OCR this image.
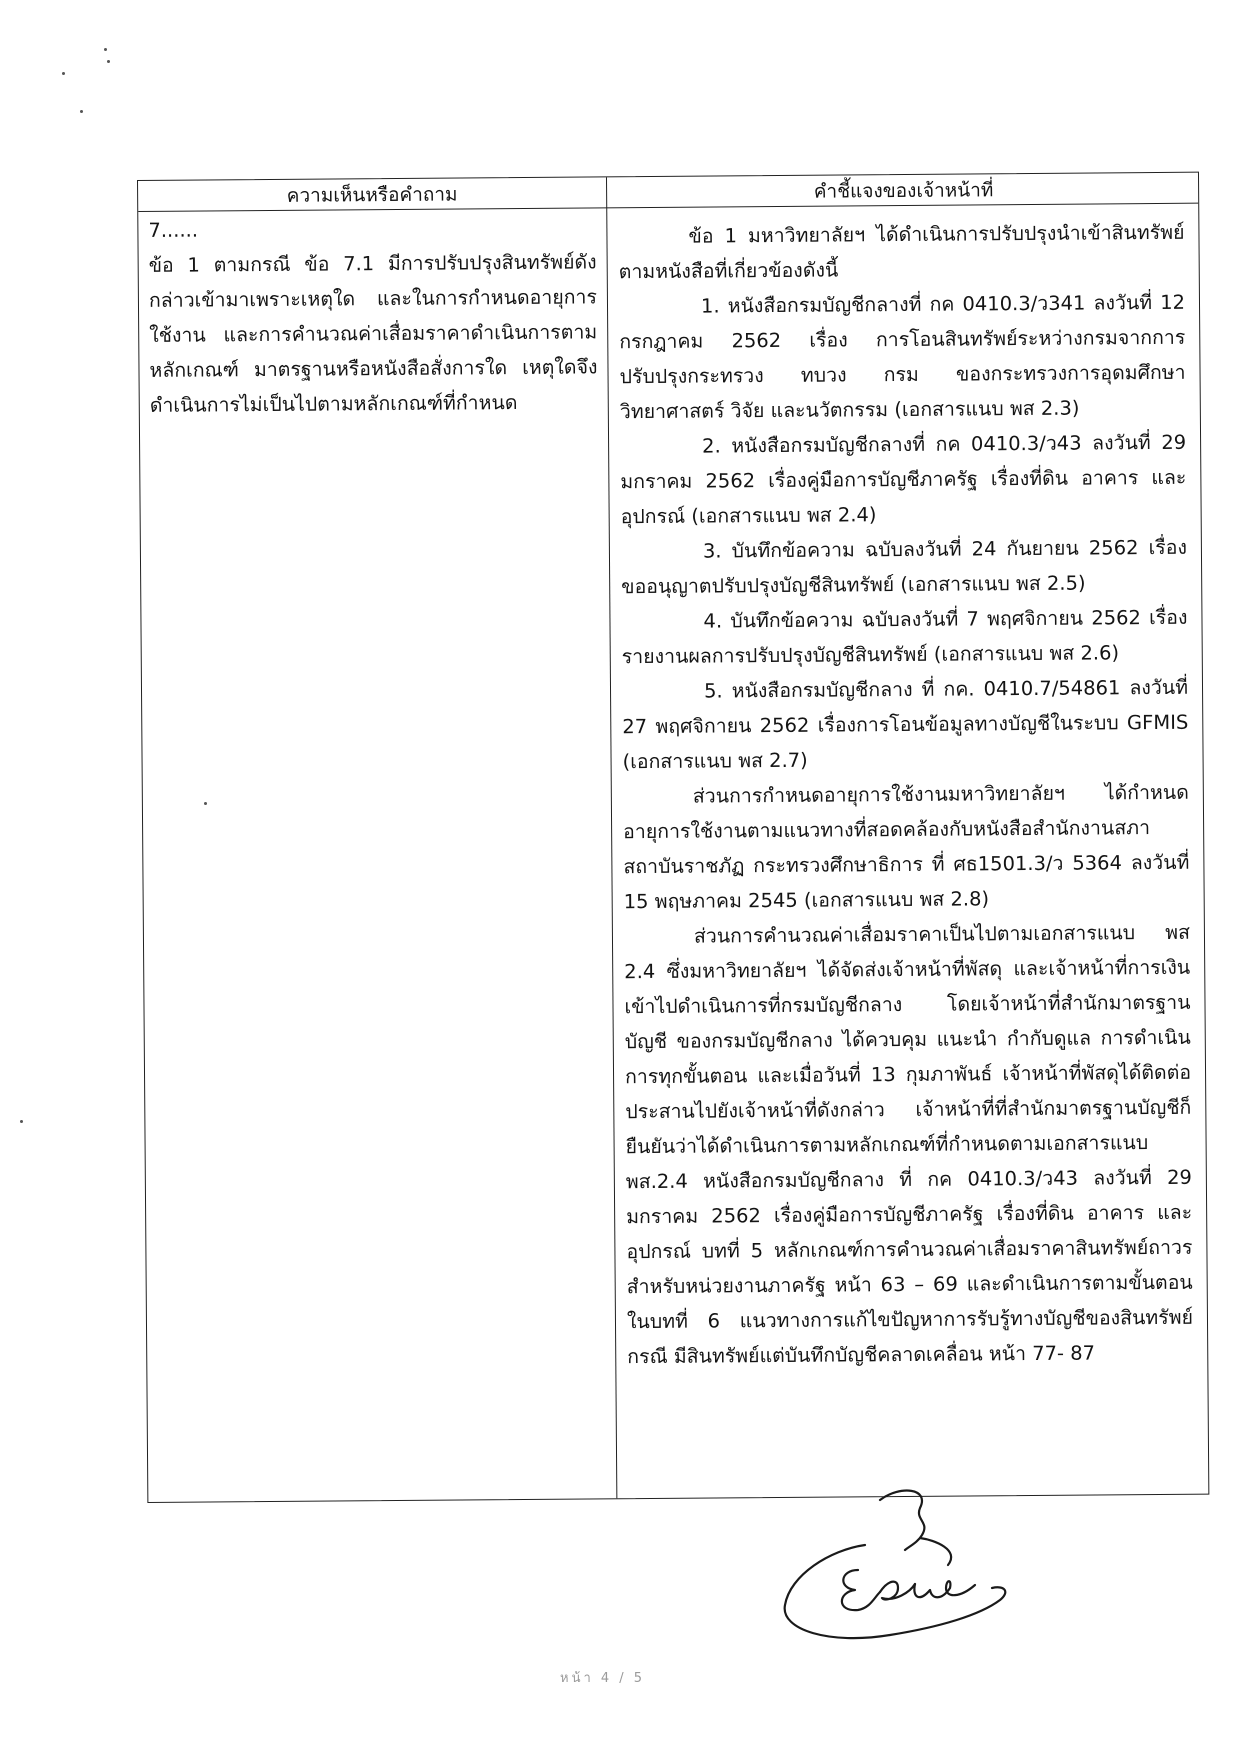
ความเห็นหรือคำถาม	คำชี้แจงของเจ้าหน้าที่

7......

ข้อ 1 ตามกรณี ข้อ 7.1 มีการปรับปรุงสินทรัพย์ดังกล่าวเข้ามาเพราะเหตุใด และในการกำหนดอายุการใช้งาน และการคำนวณค่าเสื่อมราคาดำเนินการตามหลักเกณฑ์ มาตรฐานหรือหนังสือสั่งการใด เหตุใดจึงดำเนินการไม่เป็นไปตามหลักเกณฑ์ที่กำหนด

ข้อ 1 มหาวิทยาลัยฯ ได้ดำเนินการปรับปรุงนำเข้าสินทรัพย์ตามหนังสือที่เกี่ยวข้องดังนี้

1. หนังสือกรมบัญชีกลางที่ กค 0410.3/ว341 ลงวันที่ 12 กรกฎาคม 2562 เรื่อง การโอนสินทรัพย์ระหว่างกรมจากการปรับปรุงกระทรวง ทบวง กรม ของกระทรวงการอุดมศึกษาวิทยาศาสตร์ วิจัย และนวัตกรรม (เอกสารแนบ พส 2.3)

2. หนังสือกรมบัญชีกลางที่ กค 0410.3/ว43 ลงวันที่ 29 มกราคม 2562 เรื่องคู่มือการบัญชีภาครัฐ เรื่องที่ดิน อาคาร และอุปกรณ์ (เอกสารแนบ พส 2.4)

3. บันทึกข้อความ ฉบับลงวันที่ 24 กันยายน 2562 เรื่องขออนุญาตปรับปรุงบัญชีสินทรัพย์ (เอกสารแนบ พส 2.5)

4. บันทึกข้อความ ฉบับลงวันที่ 7 พฤศจิกายน 2562 เรื่องรายงานผลการปรับปรุงบัญชีสินทรัพย์ (เอกสารแนบ พส 2.6)

5. หนังสือกรมบัญชีกลาง ที่ กค. 0410.7/54861 ลงวันที่ 27 พฤศจิกายน 2562 เรื่องการโอนข้อมูลทางบัญชีในระบบ GFMIS (เอกสารแนบ พส 2.7)

ส่วนการกำหนดอายุการใช้งานมหาวิทยาลัยฯ ได้กำหนดอายุการใช้งานตามแนวทางที่สอดคล้องกับหนังสือสำนักงานสภาสถาบันราชภัฏ กระทรวงศึกษาธิการ ที่ ศธ1501.3/ว 5364 ลงวันที่ 15 พฤษภาคม 2545 (เอกสารแนบ พส 2.8)

ส่วนการคำนวณค่าเสื่อมราคาเป็นไปตามเอกสารแนบ พส 2.4 ซึ่งมหาวิทยาลัยฯ ได้จัดส่งเจ้าหน้าที่พัสดุ และเจ้าหน้าที่การเงินเข้าไปดำเนินการที่กรมบัญชีกลาง โดยเจ้าหน้าที่สำนักมาตรฐานบัญชี ของกรมบัญชีกลาง ได้ควบคุม แนะนำ กำกับดูแล การดำเนินการทุกขั้นตอน และเมื่อวันที่ 13 กุมภาพันธ์ เจ้าหน้าที่พัสดุได้ติดต่อประสานไปยังเจ้าหน้าที่ดังกล่าว เจ้าหน้าที่ที่สำนักมาตรฐานบัญชีก็ยืนยันว่าได้ดำเนินการตามหลักเกณฑ์ที่กำหนดตามเอกสารแนบ พส.2.4 หนังสือกรมบัญชีกลาง ที่ กค 0410.3/ว43 ลงวันที่ 29 มกราคม 2562 เรื่องคู่มือการบัญชีภาครัฐ เรื่องที่ดิน อาคาร และอุปกรณ์ บทที่ 5 หลักเกณฑ์การคำนวณค่าเสื่อมราคาสินทรัพย์ถาวรสำหรับหน่วยงานภาครัฐ หน้า 63 – 69 และดำเนินการตามขั้นตอนในบทที่ 6 แนวทางการแก้ไขปัญหาการรับรู้ทางบัญชีของสินทรัพย์กรณี มีสินทรัพย์แต่บันทึกบัญชีคลาดเคลื่อน หน้า 77- 87

หน้า 4 / 5
